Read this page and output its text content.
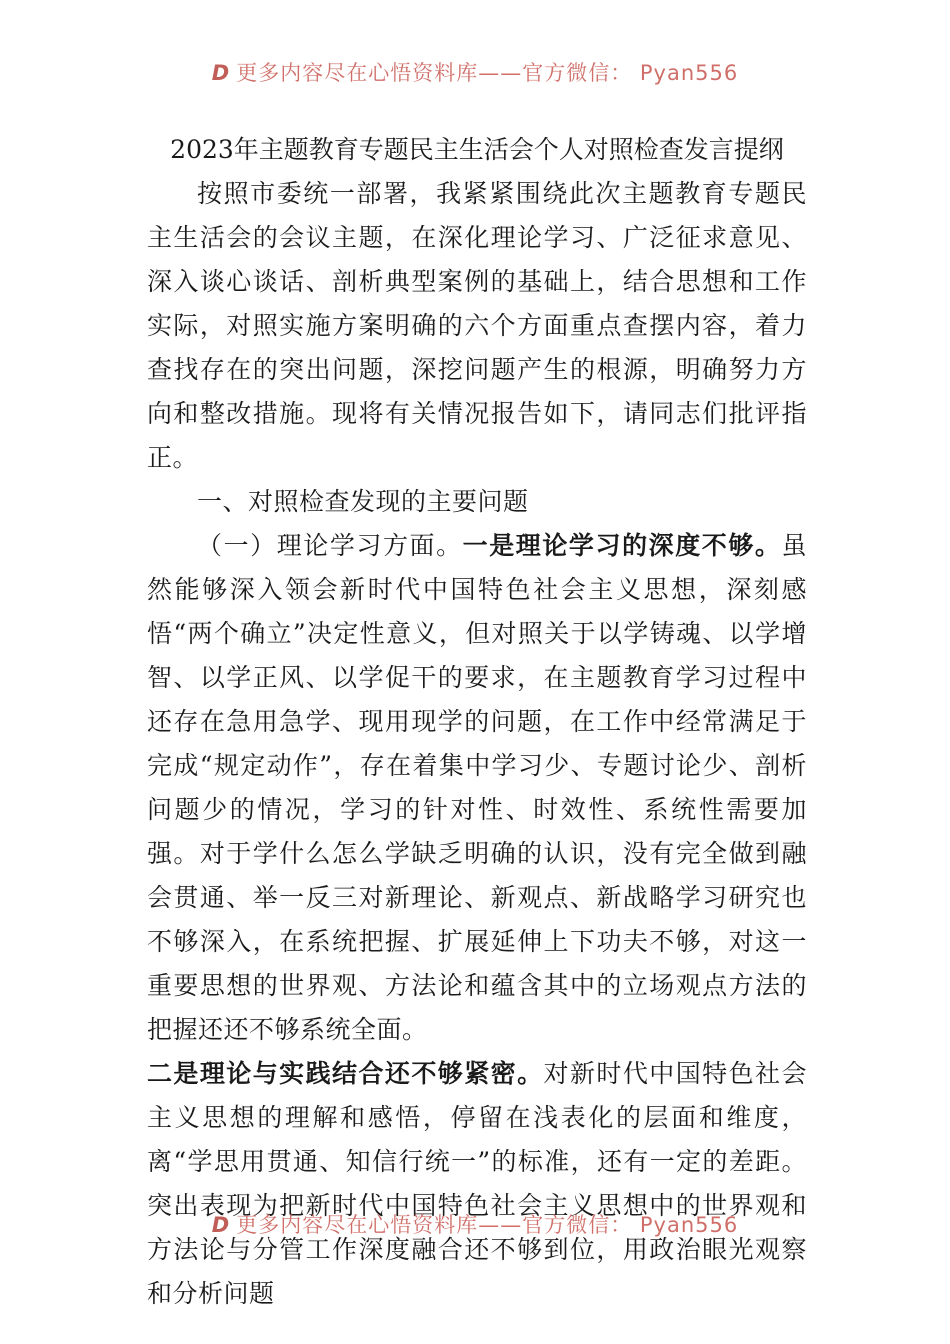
D 更多内容尽在心悟资料库——官方微信： Pyan556
2023年主题教育专题民主生活会个人对照检查发言提纲

按照市委统一部署，我紧紧围绕此次主题教育专题民主生活会的会议主题，在深化理论学习、广泛征求意见、深入谈心谈话、剖析典型案例的基础上，结合思想和工作实际，对照实施方案明确的六个方面重点查摆内容，着力查找存在的突出问题，深挖问题产生的根源，明确努力方向和整改措施。现将有关情况报告如下，请同志们批评指正。

一、对照检查发现的主要问题

（一）理论学习方面。一是理论学习的深度不够。虽然能够深入领会新时代中国特色社会主义思想，深刻感悟“两个确立”决定性意义，但对照关于以学铸魂、以学增智、以学正风、以学促干的要求，在主题教育学习过程中还存在急用急学、现用现学的问题，在工作中经常满足于完成“规定动作”，存在着集中学习少、专题讨论少、剖析问题少的情况，学习的针对性、时效性、系统性需要加强。对于学什么怎么学缺乏明确的认识，没有完全做到融会贯通、举一反三对新理论、新观点、新战略学习研究也不够深入，在系统把握、扩展延伸上下功夫不够，对这一重要思想的世界观、方法论和蕴含其中的立场观点方法的把握还还不够系统全面。

二是理论与实践结合还不够紧密。对新时代中国特色社会主义思想的理解和感悟，停留在浅表化的层面和维度，离“学思用贯通、知信行统一”的标准，还有一定的差距。突出表现为把新时代中国特色社会主义思想中的世界观和方法论与分管工作深度融合还不够到位，用政治眼光观察和分析问题

D 更多内容尽在心悟资料库——官方微信： Pyan556
